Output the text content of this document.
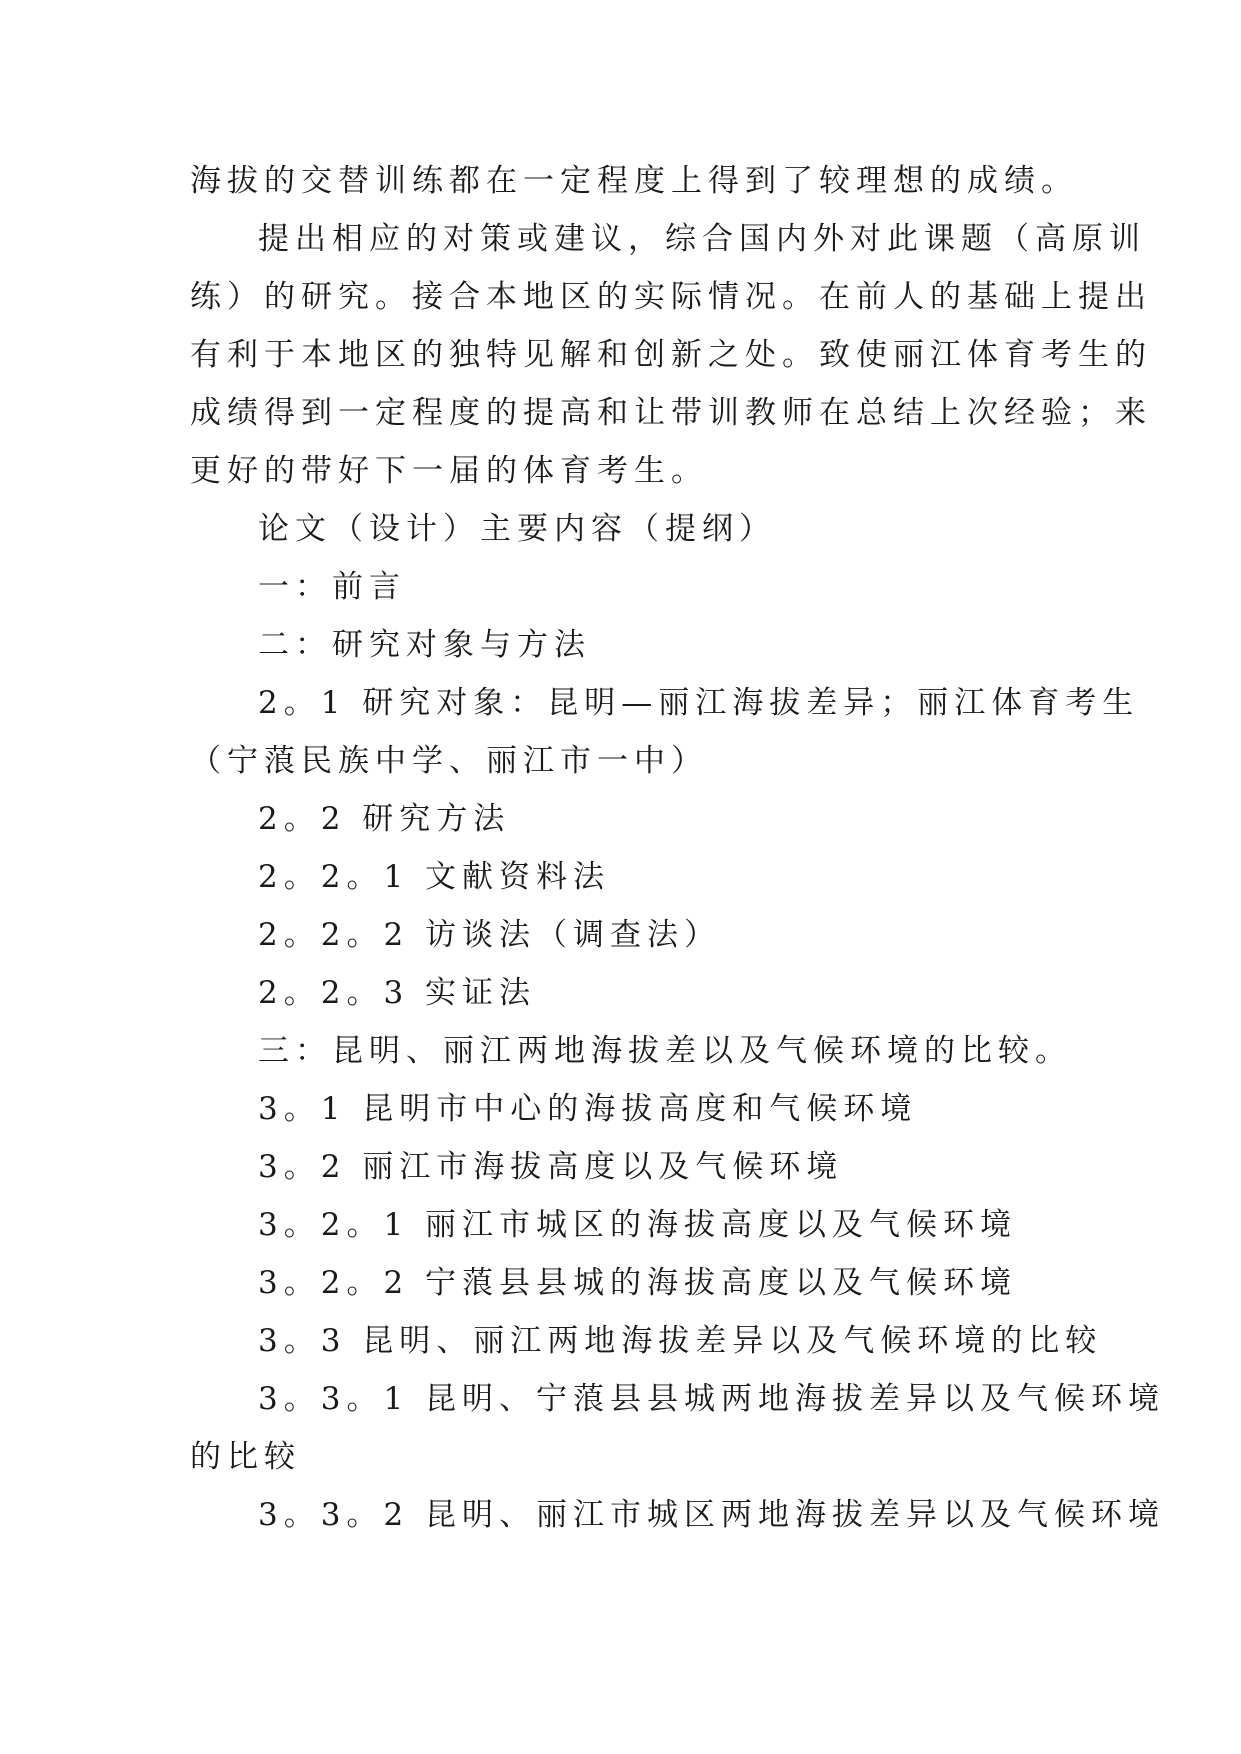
海拔的交替训练都在一定程度上得到了较理想的成绩。
提出相应的对策或建议，综合国内外对此课题（高原训
练）的研究。接合本地区的实际情况。在前人的基础上提出
有利于本地区的独特见解和创新之处。致使丽江体育考生的
成绩得到一定程度的提高和让带训教师在总结上次经验；来
更好的带好下一届的体育考生。
论文（设计）主要内容（提纲）
一：前言
二：研究对象与方法
2。1 研究对象：昆明—丽江海拔差异；丽江体育考生
（宁蒗民族中学、丽江市一中）
2。2 研究方法
2。2。1 文献资料法
2。2。2 访谈法（调查法）
2。2。3 实证法
三：昆明、丽江两地海拔差以及气候环境的比较。
3。1 昆明市中心的海拔高度和气候环境
3。2 丽江市海拔高度以及气候环境
3。2。1 丽江市城区的海拔高度以及气候环境
3。2。2 宁蒗县县城的海拔高度以及气候环境
3。3 昆明、丽江两地海拔差异以及气候环境的比较
3。3。1 昆明、宁蒗县县城两地海拔差异以及气候环境
的比较
3。3。2 昆明、丽江市城区两地海拔差异以及气候环境
